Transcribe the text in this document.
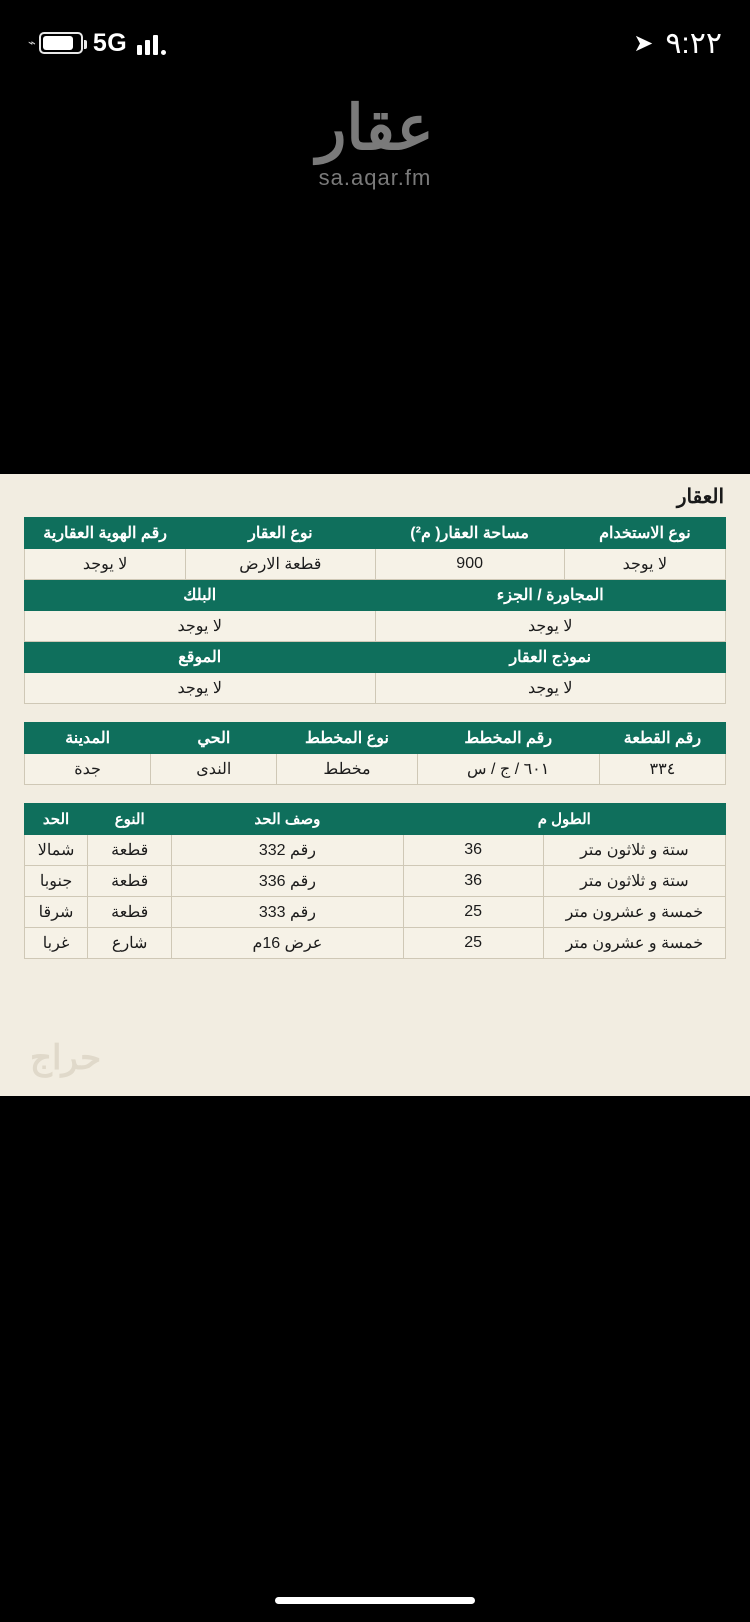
⌁ 5G	➤ ٩:٢٢
عقار
sa.aqar.fm
العقار
نوع الاستخدام	مساحة العقار( م²)	نوع العقار	رقم الهوية العقارية
لا يوجد	900	قطعة الارض	لا يوجد
المجاورة / الجزء		البلك	
لا يوجد		لا يوجد	
نموذج العقار		الموقع	
لا يوجد		لا يوجد	
رقم القطعة	رقم المخطط	نوع المخطط	الحي	المدينة
٣٣٤	٦٠١ / ج / س	مخطط	الندى	جدة
الطول م		وصف الحد	النوع	الحد
ستة و ثلاثون متر	36	رقم 332	قطعة	شمالا
ستة و ثلاثون متر	36	رقم 336	قطعة	جنوبا
خمسة و عشرون متر	25	رقم 333	قطعة	شرقا
خمسة و عشرون متر	25	عرض 16م	شارع	غربا
حراج
